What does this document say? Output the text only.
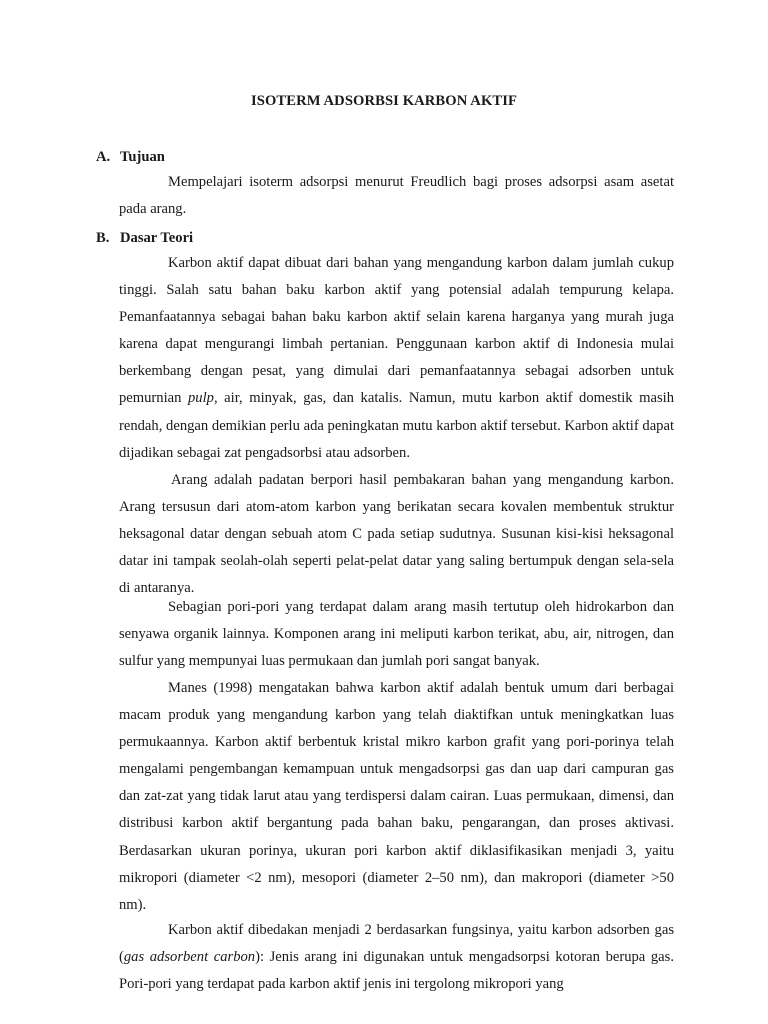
ISOTERM ADSORBSI KARBON AKTIF
A. Tujuan

Mempelajari isoterm adsorpsi menurut Freudlich bagi proses adsorpsi asam asetat pada arang.

B. Dasar Teori

Karbon aktif dapat dibuat dari bahan yang mengandung karbon dalam jumlah cukup tinggi. Salah satu bahan baku karbon aktif yang potensial adalah tempurung kelapa. Pemanfaatannya sebagai bahan baku karbon aktif selain karena harganya yang murah juga karena dapat mengurangi limbah pertanian. Penggunaan karbon aktif di Indonesia mulai berkembang dengan pesat, yang dimulai dari pemanfaatannya sebagai adsorben untuk pemurnian pulp, air, minyak, gas, dan katalis. Namun, mutu karbon aktif domestik masih rendah, dengan demikian perlu ada peningkatan mutu karbon aktif tersebut. Karbon aktif dapat dijadikan sebagai zat pengadsorbsi atau adsorben.

Arang adalah padatan berpori hasil pembakaran bahan yang mengandung karbon. Arang tersusun dari atom-atom karbon yang berikatan secara kovalen membentuk struktur heksagonal datar dengan sebuah atom C pada setiap sudutnya. Susunan kisi-kisi heksagonal datar ini tampak seolah-olah seperti pelat-pelat datar yang saling bertumpuk dengan sela-sela di antaranya.

Sebagian pori-pori yang terdapat dalam arang masih tertutup oleh hidrokarbon dan senyawa organik lainnya. Komponen arang ini meliputi karbon terikat, abu, air, nitrogen, dan sulfur yang mempunyai luas permukaan dan jumlah pori sangat banyak.

Manes (1998) mengatakan bahwa karbon aktif adalah bentuk umum dari berbagai macam produk yang mengandung karbon yang telah diaktifkan untuk meningkatkan luas permukaannya. Karbon aktif berbentuk kristal mikro karbon grafit yang pori-porinya telah mengalami pengembangan kemampuan untuk mengadsorpsi gas dan uap dari campuran gas dan zat-zat yang tidak larut atau yang terdispersi dalam cairan. Luas permukaan, dimensi, dan distribusi karbon aktif bergantung pada bahan baku, pengarangan, dan proses aktivasi. Berdasarkan ukuran porinya, ukuran pori karbon aktif diklasifikasikan menjadi 3, yaitu mikropori (diameter <2 nm), mesopori (diameter 2–50 nm), dan makropori (diameter >50 nm).

Karbon aktif dibedakan menjadi 2 berdasarkan fungsinya, yaitu karbon adsorben gas (gas adsorbent carbon): Jenis arang ini digunakan untuk mengadsorpsi kotoran berupa gas. Pori-pori yang terdapat pada karbon aktif jenis ini tergolong mikropori yang
